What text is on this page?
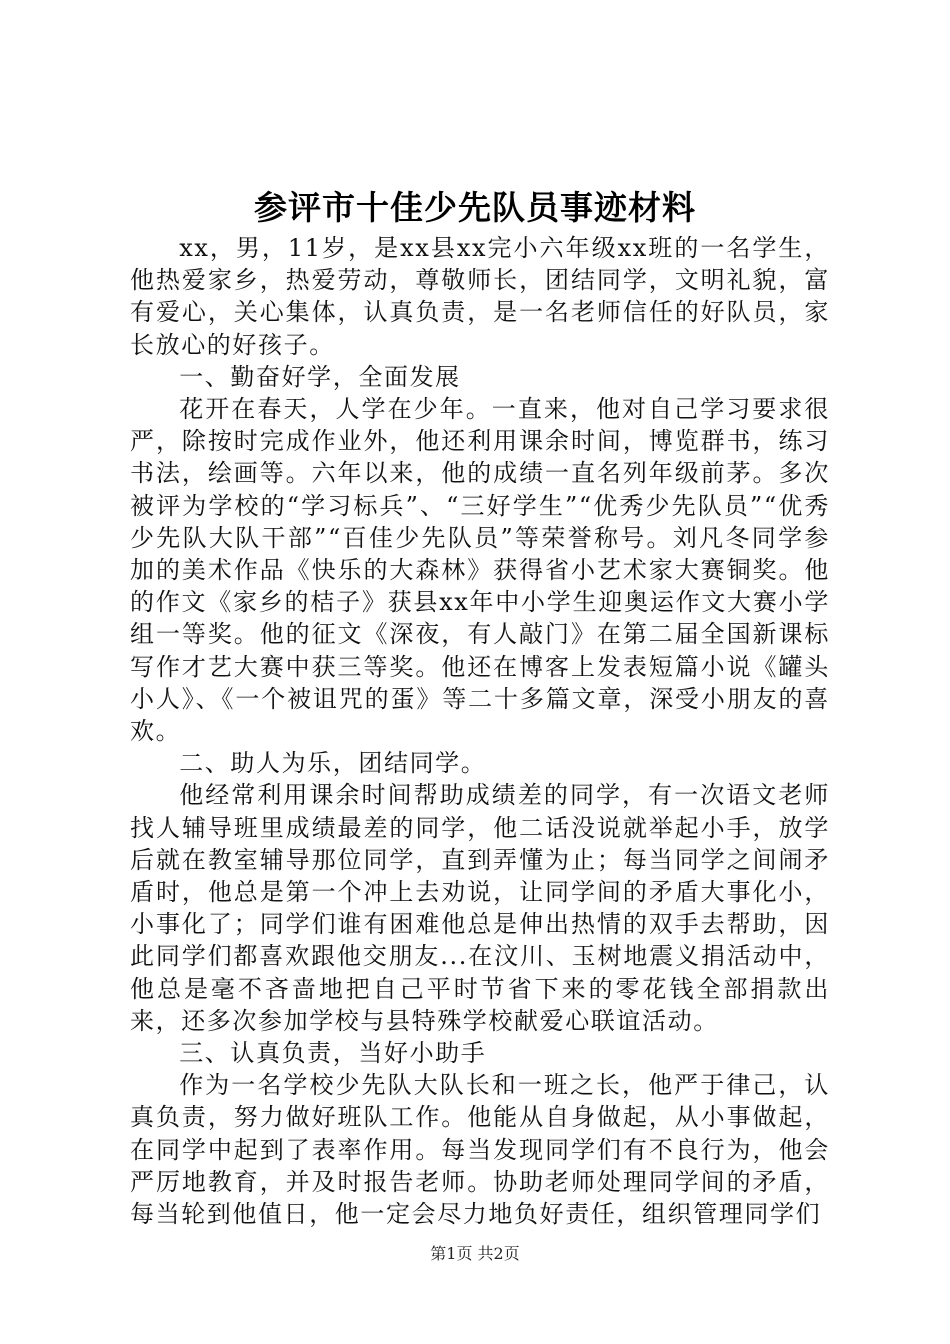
参评市十佳少先队员事迹材料

xx，男，11岁，是xx县xx完小六年级xx班的一名学生，他热爱家乡，热爱劳动，尊敬师长，团结同学，文明礼貌，富有爱心，关心集体，认真负责，是一名老师信任的好队员，家长放心的好孩子。

一、勤奋好学，全面发展

花开在春天，人学在少年。一直来，他对自己学习要求很严，除按时完成作业外，他还利用课余时间，博览群书，练习书法，绘画等。六年以来，他的成绩一直名列年级前茅。多次被评为学校的“学习标兵”、“三好学生”“优秀少先队员”“优秀少先队大队干部”“百佳少先队员”等荣誉称号。刘凡冬同学参加的美术作品《快乐的大森林》获得省小艺术家大赛铜奖。他的作文《家乡的桔子》获县xx年中小学生迎奥运作文大赛小学组一等奖。他的征文《深夜，有人敲门》在第二届全国新课标写作才艺大赛中获三等奖。他还在博客上发表短篇小说《罐头小人》、《一个被诅咒的蛋》等二十多篇文章，深受小朋友的喜欢。

二、助人为乐，团结同学。

他经常利用课余时间帮助成绩差的同学，有一次语文老师找人辅导班里成绩最差的同学，他二话没说就举起小手，放学后就在教室辅导那位同学，直到弄懂为止；每当同学之间闹矛盾时，他总是第一个冲上去劝说，让同学间的矛盾大事化小，小事化了；同学们谁有困难他总是伸出热情的双手去帮助，因此同学们都喜欢跟他交朋友...在汶川、玉树地震义捐活动中，他总是毫不吝啬地把自己平时节省下来的零花钱全部捐款出来，还多次参加学校与县特殊学校献爱心联谊活动。

三、认真负责，当好小助手

作为一名学校少先队大队长和一班之长，他严于律己，认真负责，努力做好班队工作。他能从自身做起，从小事做起，在同学中起到了表率作用。每当发现同学们有不良行为，他会严厉地教育，并及时报告老师。协助老师处理同学间的矛盾，每当轮到他值日，他一定会尽力地负好责任，组织管理同学们

第1页 共2页
